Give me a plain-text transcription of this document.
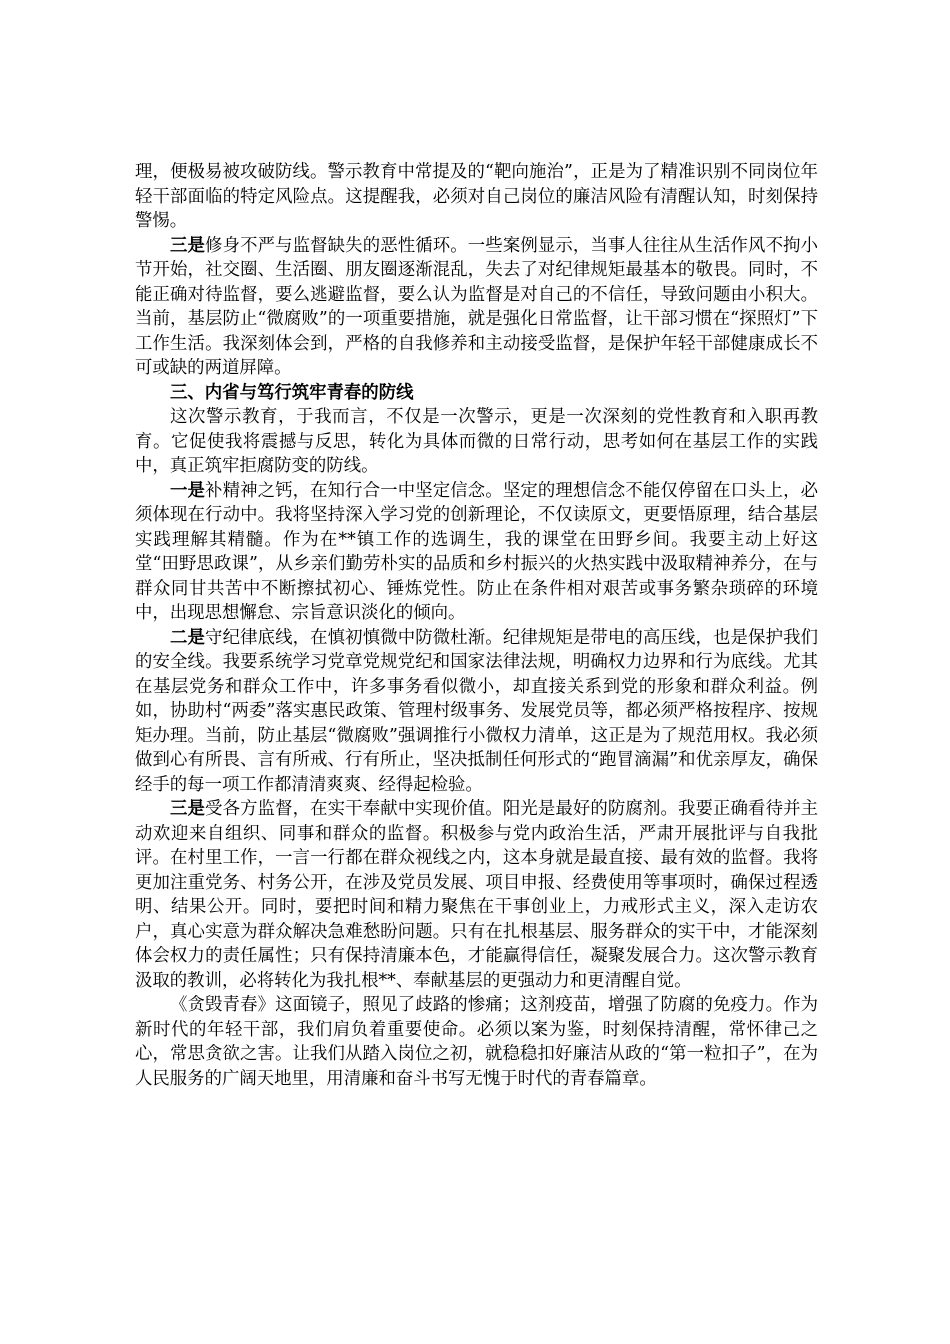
理，便极易被攻破防线。警示教育中常提及的“靶向施治”，正是为了精准识别不同岗位年轻干部面临的特定风险点。这提醒我，必须对自己岗位的廉洁风险有清醒认知，时刻保持警惕。

三是修身不严与监督缺失的恶性循环。一些案例显示，当事人往往从生活作风不拘小节开始，社交圈、生活圈、朋友圈逐渐混乱，失去了对纪律规矩最基本的敬畏。同时，不能正确对待监督，要么逃避监督，要么认为监督是对自己的不信任，导致问题由小积大。当前，基层防止“微腐败”的一项重要措施，就是强化日常监督，让干部习惯在“探照灯”下工作生活。我深刻体会到，严格的自我修养和主动接受监督，是保护年轻干部健康成长不可或缺的两道屏障。

三、内省与笃行筑牢青春的防线

这次警示教育，于我而言，不仅是一次警示，更是一次深刻的党性教育和入职再教育。它促使我将震撼与反思，转化为具体而微的日常行动，思考如何在基层工作的实践中，真正筑牢拒腐防变的防线。

一是补精神之钙，在知行合一中坚定信念。坚定的理想信念不能仅停留在口头上，必须体现在行动中。我将坚持深入学习党的创新理论，不仅读原文，更要悟原理，结合基层实践理解其精髓。作为在**镇工作的选调生，我的课堂在田野乡间。我要主动上好这堂“田野思政课”，从乡亲们勤劳朴实的品质和乡村振兴的火热实践中汲取精神养分，在与群众同甘共苦中不断擦拭初心、锤炼党性。防止在条件相对艰苦或事务繁杂琐碎的环境中，出现思想懈怠、宗旨意识淡化的倾向。

二是守纪律底线，在慎初慎微中防微杜渐。纪律规矩是带电的高压线，也是保护我们的安全线。我要系统学习党章党规党纪和国家法律法规，明确权力边界和行为底线。尤其在基层党务和群众工作中，许多事务看似微小，却直接关系到党的形象和群众利益。例如，协助村“两委”落实惠民政策、管理村级事务、发展党员等，都必须严格按程序、按规矩办理。当前，防止基层“微腐败”强调推行小微权力清单，这正是为了规范用权。我必须做到心有所畏、言有所戒、行有所止，坚决抵制任何形式的“跑冒滴漏”和优亲厚友，确保经手的每一项工作都清清爽爽、经得起检验。

三是受各方监督，在实干奉献中实现价值。阳光是最好的防腐剂。我要正确看待并主动欢迎来自组织、同事和群众的监督。积极参与党内政治生活，严肃开展批评与自我批评。在村里工作，一言一行都在群众视线之内，这本身就是最直接、最有效的监督。我将更加注重党务、村务公开，在涉及党员发展、项目申报、经费使用等事项时，确保过程透明、结果公开。同时，要把时间和精力聚焦在干事创业上，力戒形式主义，深入走访农户，真心实意为群众解决急难愁盼问题。只有在扎根基层、服务群众的实干中，才能深刻体会权力的责任属性；只有保持清廉本色，才能赢得信任，凝聚发展合力。这次警示教育汲取的教训，必将转化为我扎根**、奉献基层的更强动力和更清醒自觉。

《贪毁青春》这面镜子，照见了歧路的惨痛；这剂疫苗，增强了防腐的免疫力。作为新时代的年轻干部，我们肩负着重要使命。必须以案为鉴，时刻保持清醒，常怀律己之心，常思贪欲之害。让我们从踏入岗位之初，就稳稳扣好廉洁从政的“第一粒扣子”，在为人民服务的广阔天地里，用清廉和奋斗书写无愧于时代的青春篇章。
